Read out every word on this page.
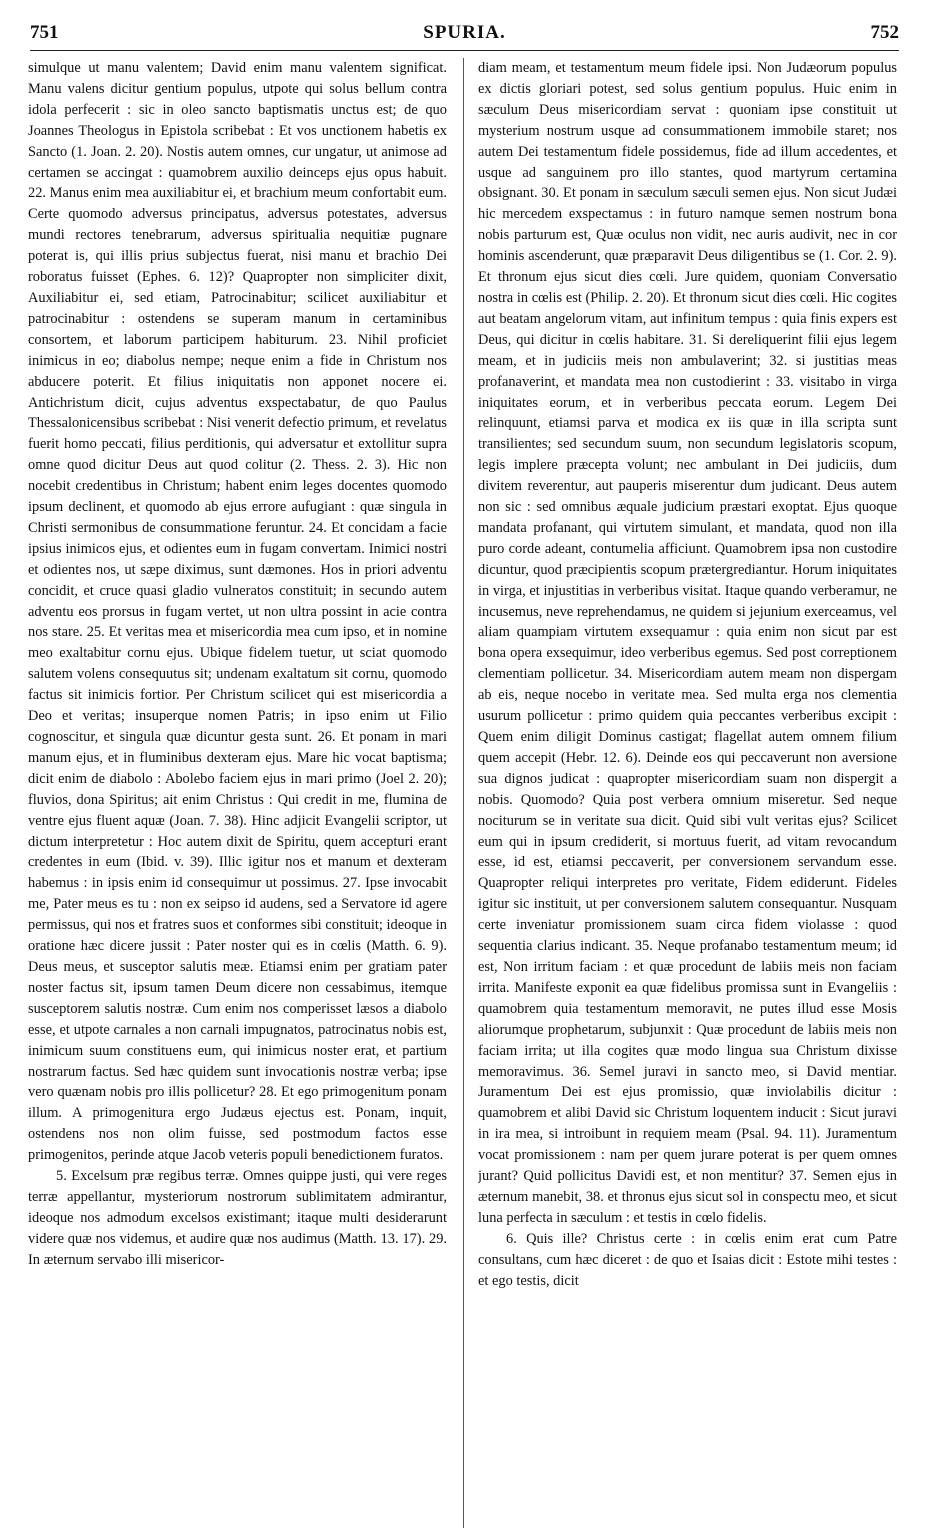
751	SPURIA.	752

simulque ut manu valentem; David enim manu valentem significat. Manu valens dicitur gentium populus, utpote qui solus bellum contra idola perfecerit : sic in oleo sancto baptismatis unctus est; de quo Joannes Theologus in Epistola scribebat : Et vos unctionem habetis ex Sancto (1. Joan. 2. 20). Nostis autem omnes, cur ungatur, ut animose ad certamen se accingat : quamobrem auxilio deinceps ejus opus habuit. 22. Manus enim mea auxiliabitur ei, et brachium meum confortabit eum. Certe quomodo adversus principatus, adversus potestates, adversus mundi rectores tenebrarum, adversus spiritualia nequitiæ pugnare poterat is, qui illis prius subjectus fuerat, nisi manu et brachio Dei roboratus fuisset (Ephes. 6. 12)? Quapropter non simpliciter dixit, Auxiliabitur ei, sed etiam, Patrocinabitur; scilicet auxiliabitur et patrocinabitur : ostendens se superam manum in certaminibus consortem, et laborum participem habiturum. 23. Nihil proficiet inimicus in eo; diabolus nempe; neque enim a fide in Christum nos abducere poterit. Et filius iniquitatis non apponet nocere ei. Antichristum dicit, cujus adventus exspectabatur, de quo Paulus Thessalonicensibus scribebat : Nisi venerit defectio primum, et revelatus fuerit homo peccati, filius perditionis, qui adversatur et extollitur supra omne quod dicitur Deus aut quod colitur (2. Thess. 2. 3). Hic non nocebit credentibus in Christum; habent enim leges docentes quomodo ipsum declinent, et quomodo ab ejus errore aufugiant : quæ singula in Christi sermonibus de consummatione feruntur. 24. Et concidam a facie ipsius inimicos ejus, et odientes eum in fugam convertam. Inimici nostri et odientes nos, ut sæpe diximus, sunt dæmones. Hos in priori adventu concidit, et cruce quasi gladio vulneratos constituit; in secundo autem adventu eos prorsus in fugam vertet, ut non ultra possint in acie contra nos stare. 25. Et veritas mea et misericordia mea cum ipso, et in nomine meo exaltabitur cornu ejus. Ubique fidelem tuetur, ut sciat quomodo salutem volens consequutus sit; undenam exaltatum sit cornu, quomodo factus sit inimicis fortior. Per Christum scilicet qui est misericordia a Deo et veritas; insuperque nomen Patris; in ipso enim ut Filio cognoscitur, et singula quæ dicuntur gesta sunt. 26. Et ponam in mari manum ejus, et in fluminibus dexteram ejus. Mare hic vocat baptisma; dicit enim de diabolo : Abolebo faciem ejus in mari primo (Joel 2. 20); fluvios, dona Spiritus; ait enim Christus : Qui credit in me, flumina de ventre ejus fluent aquæ (Joan. 7. 38). Hinc adjicit Evangelii scriptor, ut dictum interpretetur : Hoc autem dixit de Spiritu, quem accepturi erant credentes in eum (Ibid. v. 39). Illic igitur nos et manum et dexteram habemus : in ipsis enim id consequimur ut possimus. 27. Ipse invocabit me, Pater meus es tu : non ex seipso id audens, sed a Servatore id agere permissus, qui nos et fratres suos et conformes sibi constituit; ideoque in oratione hæc dicere jussit : Pater noster qui es in cœlis (Matth. 6. 9). Deus meus, et susceptor salutis meæ. Etiamsi enim per gratiam pater noster factus sit, ipsum tamen Deum dicere non cessabimus, itemque susceptorem salutis nostræ. Cum enim nos comperisset læsos a diabolo esse, et utpote carnales a non carnali impugnatos, patrocinatus nobis est, inimicum suum constituens eum, qui inimicus noster erat, et partium nostrarum factus. Sed hæc quidem sunt invocationis nostræ verba; ipse vero quænam nobis pro illis pollicetur? 28. Et ego primogenitum ponam illum. A primogenitura ergo Judæus ejectus est. Ponam, inquit, ostendens nos non olim fuisse, sed postmodum factos esse primogenitos, perinde atque Jacob veteris populi benedictionem furatos.

5. Excelsum præ regibus terræ. Omnes quippe justi, qui vere reges terræ appellantur, mysteriorum nostrorum sublimitatem admirantur, ideoque nos admodum excelsos existimant; itaque multi desiderarunt videre quæ nos videmus, et audire quæ nos audimus (Matth. 13. 17). 29. In æternum servabo illi misericor-

diam meam, et testamentum meum fidele ipsi. Non Judæorum populus ex dictis gloriari potest, sed solus gentium populus. Huic enim in sæculum Deus misericordiam servat : quoniam ipse constituit ut mysterium nostrum usque ad consummationem immobile staret; nos autem Dei testamentum fidele possidemus, fide ad illum accedentes, et usque ad sanguinem pro illo stantes, quod martyrum certamina obsignant. 30. Et ponam in sæculum sæculi semen ejus. Non sicut Judæi hic mercedem exspectamus : in futuro namque semen nostrum bona nobis parturum est, Quæ oculus non vidit, nec auris audivit, nec in cor hominis ascenderunt, quæ præparavit Deus diligentibus se (1. Cor. 2. 9). Et thronum ejus sicut dies cœli. Jure quidem, quoniam Conversatio nostra in cœlis est (Philip. 2. 20). Et thronum sicut dies cœli. Hic cogites aut beatam angelorum vitam, aut infinitum tempus : quia finis expers est Deus, qui dicitur in cœlis habitare. 31. Si dereliquerint filii ejus legem meam, et in judiciis meis non ambulaverint; 32. si justitias meas profanaverint, et mandata mea non custodierint : 33. visitabo in virga iniquitates eorum, et in verberibus peccata eorum. Legem Dei relinquunt, etiamsi parva et modica ex iis quæ in illa scripta sunt transilientes; sed secundum suum, non secundum legislatoris scopum, legis implere præcepta volunt; nec ambulant in Dei judiciis, dum divitem reverentur, aut pauperis miserentur dum judicant. Deus autem non sic : sed omnibus æquale judicium præstari exoptat. Ejus quoque mandata profanant, qui virtutem simulant, et mandata, quod non illa puro corde adeant, contumelia afficiunt. Quamobrem ipsa non custodire dicuntur, quod præcipientis scopum prætergrediantur. Horum iniquitates in virga, et injustitias in verberibus visitat. Itaque quando verberamur, ne incusemus, neve reprehendamus, ne quidem si jejunium exerceamus, vel aliam quampiam virtutem exsequamur : quia enim non sicut par est bona opera exsequimur, ideo verberibus egemus. Sed post correptionem clementiam pollicetur. 34. Misericordiam autem meam non dispergam ab eis, neque nocebo in veritate mea. Sed multa erga nos clementia usurum pollicetur : primo quidem quia peccantes verberibus excipit : Quem enim diligit Dominus castigat; flagellat autem omnem filium quem accepit (Hebr. 12. 6). Deinde eos qui peccaverunt non aversione sua dignos judicat : quapropter misericordiam suam non dispergit a nobis. Quomodo? Quia post verbera omnium miseretur. Sed neque nociturum se in veritate sua dicit. Quid sibi vult veritas ejus? Scilicet eum qui in ipsum crediderit, si mortuus fuerit, ad vitam revocandum esse, id est, etiamsi peccaverit, per conversionem servandum esse. Quapropter reliqui interpretes pro veritate, Fidem ediderunt. Fideles igitur sic instituit, ut per conversionem salutem consequantur. Nusquam certe inveniatur promissionem suam circa fidem violasse : quod sequentia clarius indicant. 35. Neque profanabo testamentum meum; id est, Non irritum faciam : et quæ procedunt de labiis meis non faciam irrita. Manifeste exponit ea quæ fidelibus promissa sunt in Evangeliis : quamobrem quia testamentum memoravit, ne putes illud esse Mosis aliorumque prophetarum, subjunxit : Quæ procedunt de labiis meis non faciam irrita; ut illa cogites quæ modo lingua sua Christum dixisse memoravimus. 36. Semel juravi in sancto meo, si David mentiar. Juramentum Dei est ejus promissio, quæ inviolabilis dicitur : quamobrem et alibi David sic Christum loquentem inducit : Sicut juravi in ira mea, si introibunt in requiem meam (Psal. 94. 11). Juramentum vocat promissionem : nam per quem jurare poterat is per quem omnes jurant? Quid pollicitus Davidi est, et non mentitur? 37. Semen ejus in æternum manebit, 38. et thronus ejus sicut sol in conspectu meo, et sicut luna perfecta in sæculum : et testis in cœlo fidelis.

6. Quis ille? Christus certe : in cœlis enim erat cum Patre consultans, cum hæc diceret : de quo et Isaias dicit : Estote mihi testes : et ego testis, dicit
